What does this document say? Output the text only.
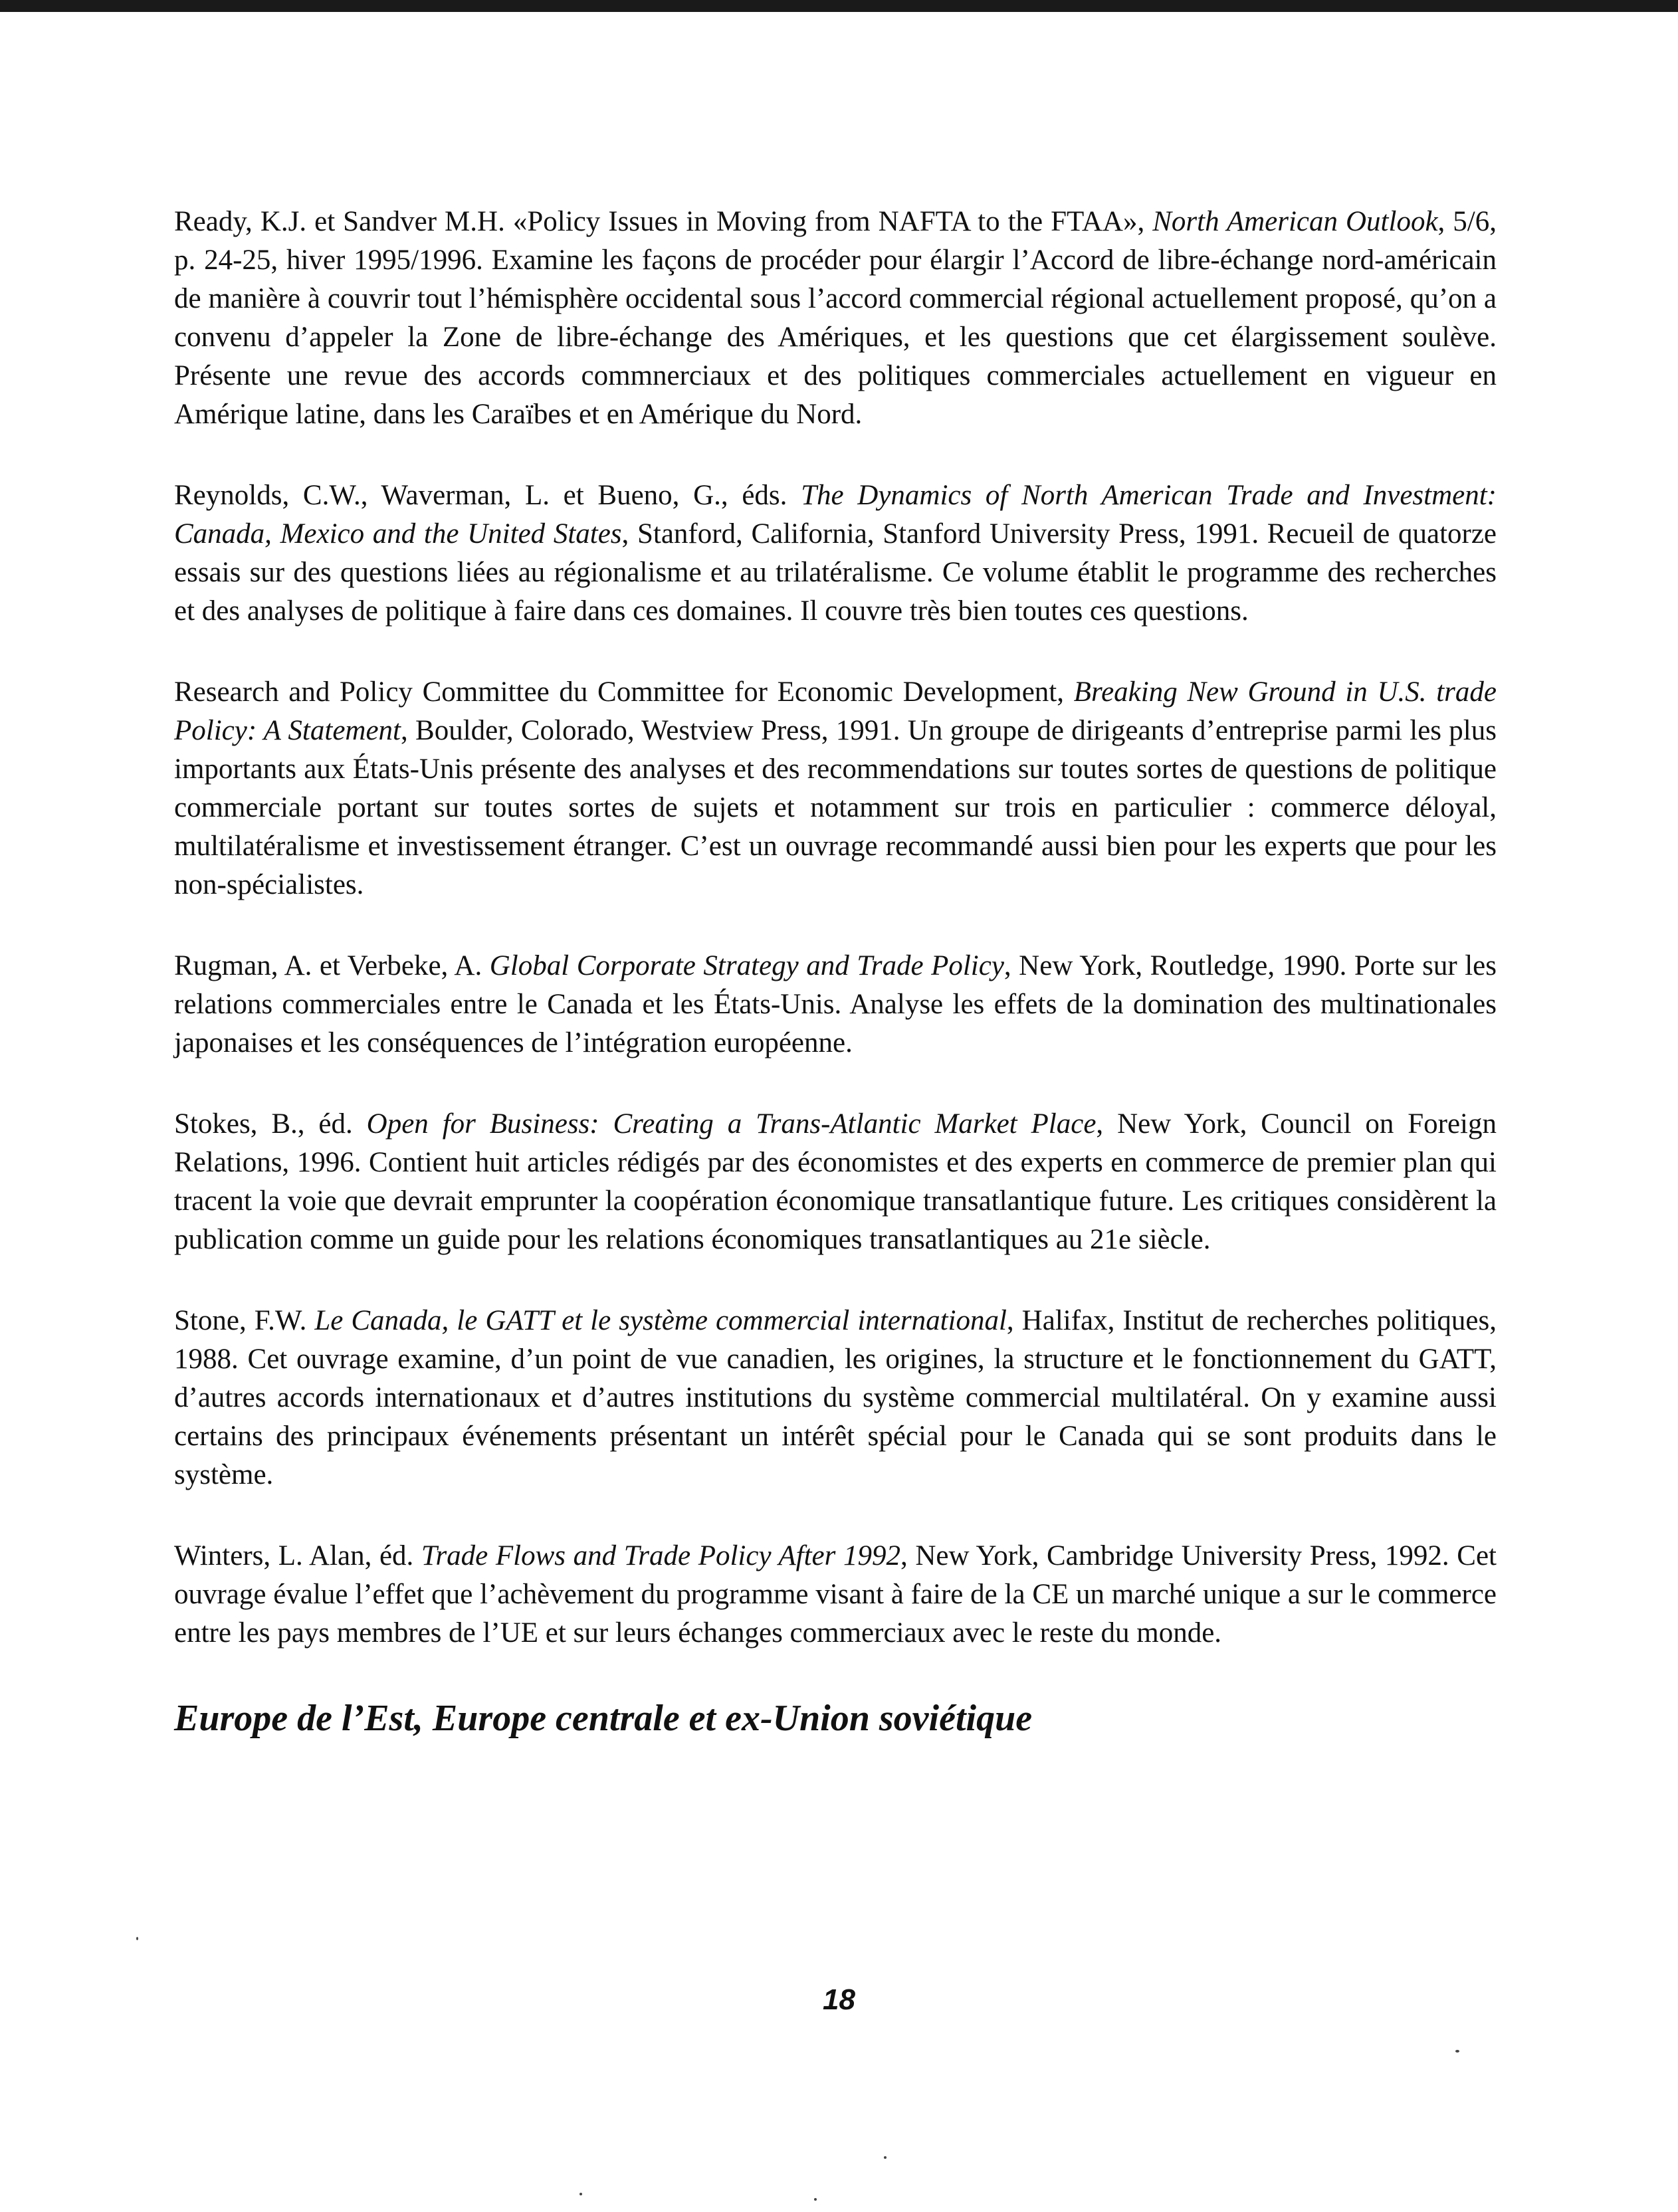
Ready, K.J. et Sandver M.H. «Policy Issues in Moving from NAFTA to the FTAA», North American Outlook, 5/6, p. 24-25, hiver 1995/1996. Examine les façons de procéder pour élargir l’Accord de libre-échange nord-américain de manière à couvrir tout l’hémisphère occidental sous l’accord commercial régional actuellement proposé, qu’on a convenu d’appeler la Zone de libre-échange des Amériques, et les questions que cet élargissement soulève. Présente une revue des accords commnerciaux et des politiques commerciales actuellement en vigueur en Amérique latine, dans les Caraïbes et en Amérique du Nord.

Reynolds, C.W., Waverman, L. et Bueno, G., éds. The Dynamics of North American Trade and Investment: Canada, Mexico and the United States, Stanford, California, Stanford University Press, 1991. Recueil de quatorze essais sur des questions liées au régionalisme et au trilatéralisme. Ce volume établit le programme des recherches et des analyses de politique à faire dans ces domaines. Il couvre très bien toutes ces questions.

Research and Policy Committee du Committee for Economic Development, Breaking New Ground in U.S. trade Policy: A Statement, Boulder, Colorado, Westview Press, 1991. Un groupe de dirigeants d’entreprise parmi les plus importants aux États-Unis présente des analyses et des recommendations sur toutes sortes de questions de politique commerciale portant sur toutes sortes de sujets et notamment sur trois en particulier : commerce déloyal, multilatéralisme et investissement étranger. C’est un ouvrage recommandé aussi bien pour les experts que pour les non-spécialistes.

Rugman, A. et Verbeke, A. Global Corporate Strategy and Trade Policy, New York, Routledge, 1990. Porte sur les relations commerciales entre le Canada et les États-Unis. Analyse les effets de la domination des multinationales japonaises et les conséquences de l’intégration européenne.

Stokes, B., éd. Open for Business: Creating a Trans-Atlantic Market Place, New York, Council on Foreign Relations, 1996. Contient huit articles rédigés par des économistes et des experts en commerce de premier plan qui tracent la voie que devrait emprunter la coopération économique transatlantique future. Les critiques considèrent la publication comme un guide pour les relations économiques transatlantiques au 21e siècle.

Stone, F.W. Le Canada, le GATT et le système commercial international, Halifax, Institut de recherches politiques, 1988. Cet ouvrage examine, d’un point de vue canadien, les origines, la structure et le fonctionnement du GATT, d’autres accords internationaux et d’autres institutions du système commercial multilatéral. On y examine aussi certains des principaux événements présentant un intérêt spécial pour le Canada qui se sont produits dans le système.

Winters, L. Alan, éd. Trade Flows and Trade Policy After 1992, New York, Cambridge University Press, 1992. Cet ouvrage évalue l’effet que l’achèvement du programme visant à faire de la CE un marché unique a sur le commerce entre les pays membres de l’UE et sur leurs échanges commerciaux avec le reste du monde.

Europe de l’Est, Europe centrale et ex-Union soviétique
18
